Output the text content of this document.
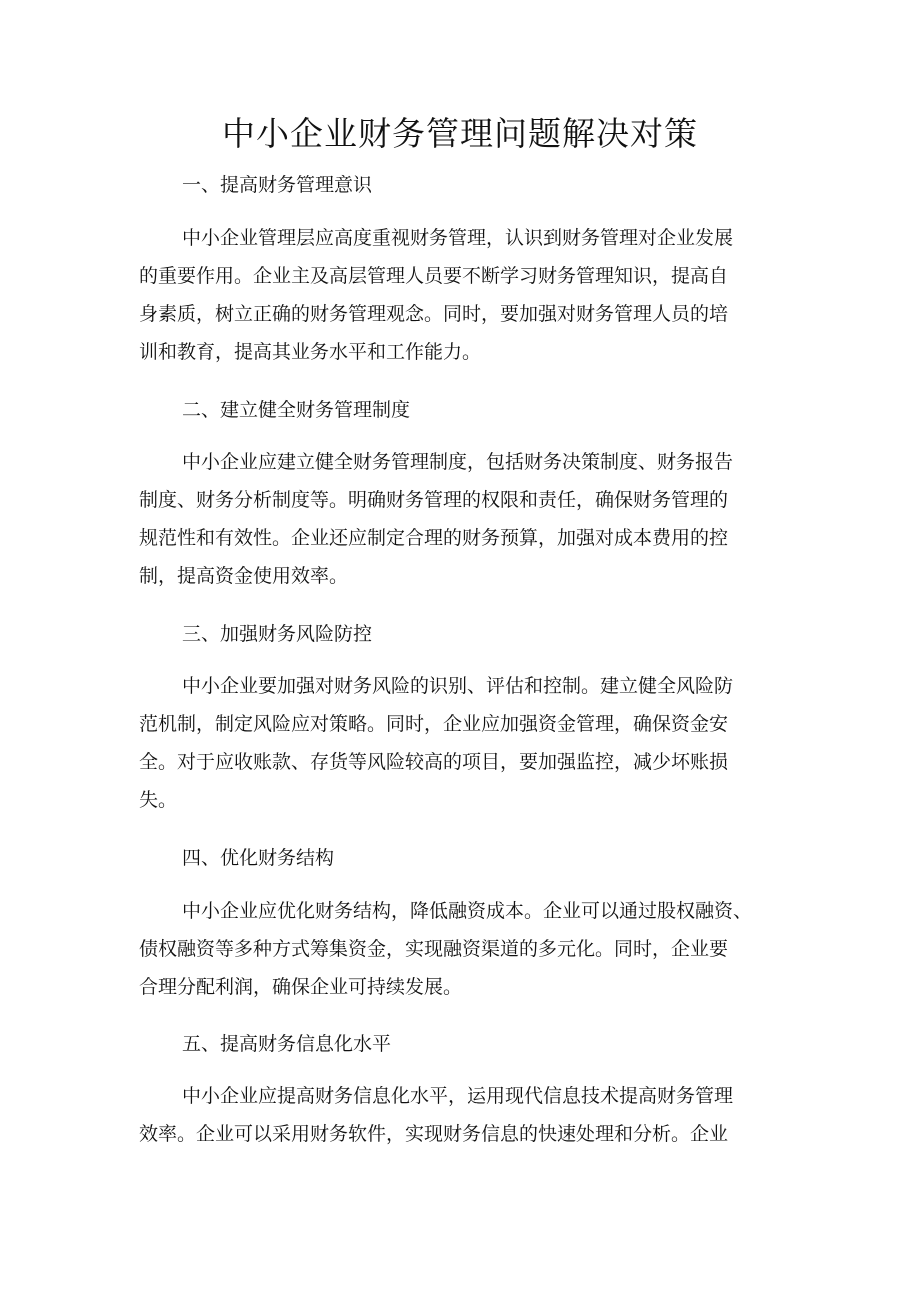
中小企业财务管理问题解决对策
一、提高财务管理意识
中小企业管理层应高度重视财务管理，认识到财务管理对企业发展
的重要作用。企业主及高层管理人员要不断学习财务管理知识，提高自
身素质，树立正确的财务管理观念。同时，要加强对财务管理人员的培
训和教育，提高其业务水平和工作能力。
二、建立健全财务管理制度
中小企业应建立健全财务管理制度，包括财务决策制度、财务报告
制度、财务分析制度等。明确财务管理的权限和责任，确保财务管理的
规范性和有效性。企业还应制定合理的财务预算，加强对成本费用的控
制，提高资金使用效率。
三、加强财务风险防控
中小企业要加强对财务风险的识别、评估和控制。建立健全风险防
范机制，制定风险应对策略。同时，企业应加强资金管理，确保资金安
全。对于应收账款、存货等风险较高的项目，要加强监控，减少坏账损
失。
四、优化财务结构
中小企业应优化财务结构，降低融资成本。企业可以通过股权融资、
债权融资等多种方式筹集资金，实现融资渠道的多元化。同时，企业要
合理分配利润，确保企业可持续发展。
五、提高财务信息化水平
中小企业应提高财务信息化水平，运用现代信息技术提高财务管理
效率。企业可以采用财务软件，实现财务信息的快速处理和分析。企业
